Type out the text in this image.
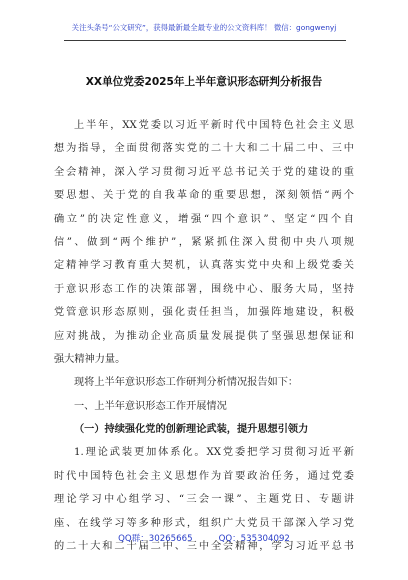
关注头条号“公文研究”，获得最新最全最专业的公文资料库！ 微信：gongwenyj
XX单位党委2025年上半年意识形态研判分析报告
上半年，XX党委以习近平新时代中国特色社会主义思
想为指导，全面贯彻落实党的二十大和二十届二中、三中
全会精神，深入学习贯彻习近平总书记关于党的建设的重
要思想、关于党的自我革命的重要思想，深刻领悟“两个
确立”的决定性意义，增强“四个意识”、坚定“四个自
信”、做到“两个维护”，紧紧抓住深入贯彻中央八项规
定精神学习教育重大契机，认真落实党中央和上级党委关
于意识形态工作的决策部署，围绕中心、服务大局，坚持
党管意识形态原则，强化责任担当，加强阵地建设，积极
应对挑战，为推动企业高质量发展提供了坚强思想保证和
强大精神力量。
现将上半年意识形态工作研判分析情况报告如下：
一、上半年意识形态工作开展情况
（一）持续强化党的创新理论武装，提升思想引领力
1.理论武装更加体系化。XX党委把学习贯彻习近平新
时代中国特色社会主义思想作为首要政治任务，通过党委
理论学习中心组学习、“三会一课”、主题党日、专题讲
座、在线学习等多种形式，组织广大党员干部深入学习党
的二十大和二十届二中、三中全会精神，学习习近平总书
QQ群：30265665	QQ：535304092
